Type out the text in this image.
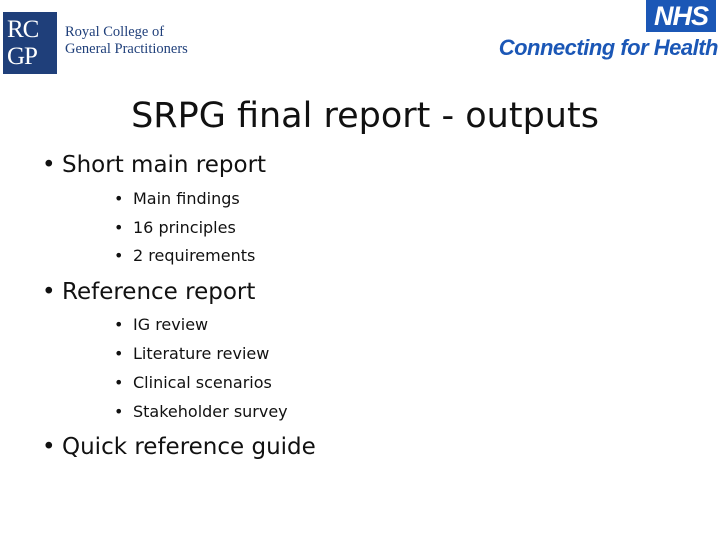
RC
GP
Royal College of
General Practitioners
NHS
Connecting for Health
SRPG final report - outputs
• Short main report
• Main findings
• 16 principles
• 2 requirements
• Reference report
• IG review
• Literature review
• Clinical scenarios
• Stakeholder survey
• Quick reference guide
